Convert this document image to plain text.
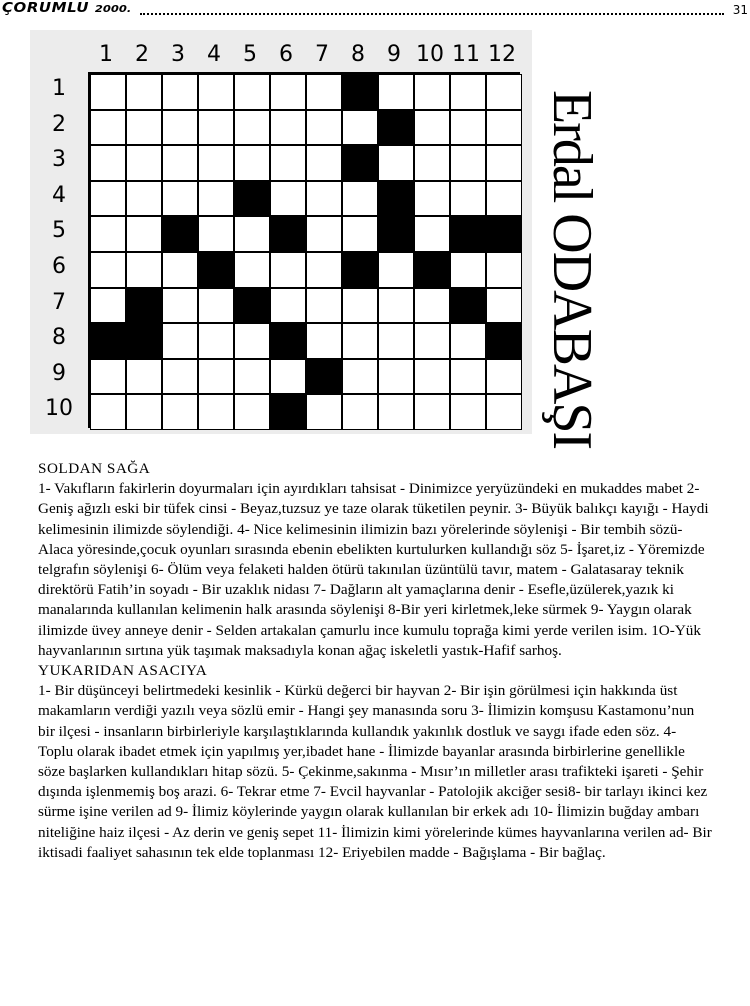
ÇORUMLU 2000.	31
1	2	3	4	5	6	7	8	9 10 11 12
1
2
3
4
5
6
7
8
9
10	Erdal ODABAŞI

SOLDAN SAĞA

1- Vakıfların fakirlerin doyurmaları için ayırdıkları tahsisat - Dinimizce yeryüzündeki en mukaddes mabet 2- Geniş ağızlı eski bir tüfek cinsi - Beyaz,tuzsuz ye taze olarak tüketilen peynir. 3- Büyük balıkçı kayığı - Haydi kelimesinin ilimizde söylendiği. 4- Nice kelimesinin ilimizin bazı yörelerinde söylenişi - Bir tembih sözü-Alaca yöresinde,çocuk oyunları sırasında ebenin ebelikten kurtulurken kullandığı söz 5- İşaret,iz - Yöremizde telgrafın söylenişi 6- Ölüm veya felaketi halden ötürü takınılan üzüntülü tavır, matem - Galatasaray teknik direktörü Fatih’in soyadı - Bir uzaklık nidası 7- Dağların alt yamaçlarına denir - Esefle,üzülerek,yazık ki manalarında kullanılan kelimenin halk arasında söylenişi 8-Bir yeri kirletmek,leke sürmek 9- Yaygın olarak ilimizde üvey anneye denir - Selden artakalan çamurlu ince kumulu toprağa kimi yerde verilen isim. 1O-Yük hayvanlarının sırtına yük taşımak maksadıyla konan ağaç iskeletli yastık-Hafif sarhoş.

YUKARIDAN ASACIYA

1- Bir düşünceyi belirtmedeki kesinlik - Kürkü değerci bir hayvan 2- Bir işin görülmesi için hakkında üst makamların verdiği yazılı veya sözlü emir - Hangi şey manasında soru 3- İlimizin komşusu Kastamonu’nun bir ilçesi - insanların birbirleriyle karşılaştıklarında kullandık yakınlık dostluk ve saygı ifade eden söz. 4- Toplu olarak ibadet etmek için yapılmış yer,ibadet hane - İlimizde bayanlar arasında birbirlerine genellikle söze başlarken kullandıkları hitap sözü. 5- Çekinme,sakınma - Mısır’ın milletler arası trafikteki işareti - Şehir dışında işlenmemiş boş arazi. 6- Tekrar etme 7- Evcil hayvanlar - Patolojik akciğer sesi8- bir tarlayı ikinci kez sürme işine verilen ad 9- İlimiz köylerinde yaygın olarak kullanılan bir erkek adı 10- İlimizin buğday ambarı niteliğine haiz ilçesi - Az derin ve geniş sepet 11- İlimizin kimi yörelerinde kümes hayvanlarına verilen ad- Bir iktisadi faaliyet sahasının tek elde toplanması 12- Eriyebilen madde - Bağışlama - Bir bağlaç.
